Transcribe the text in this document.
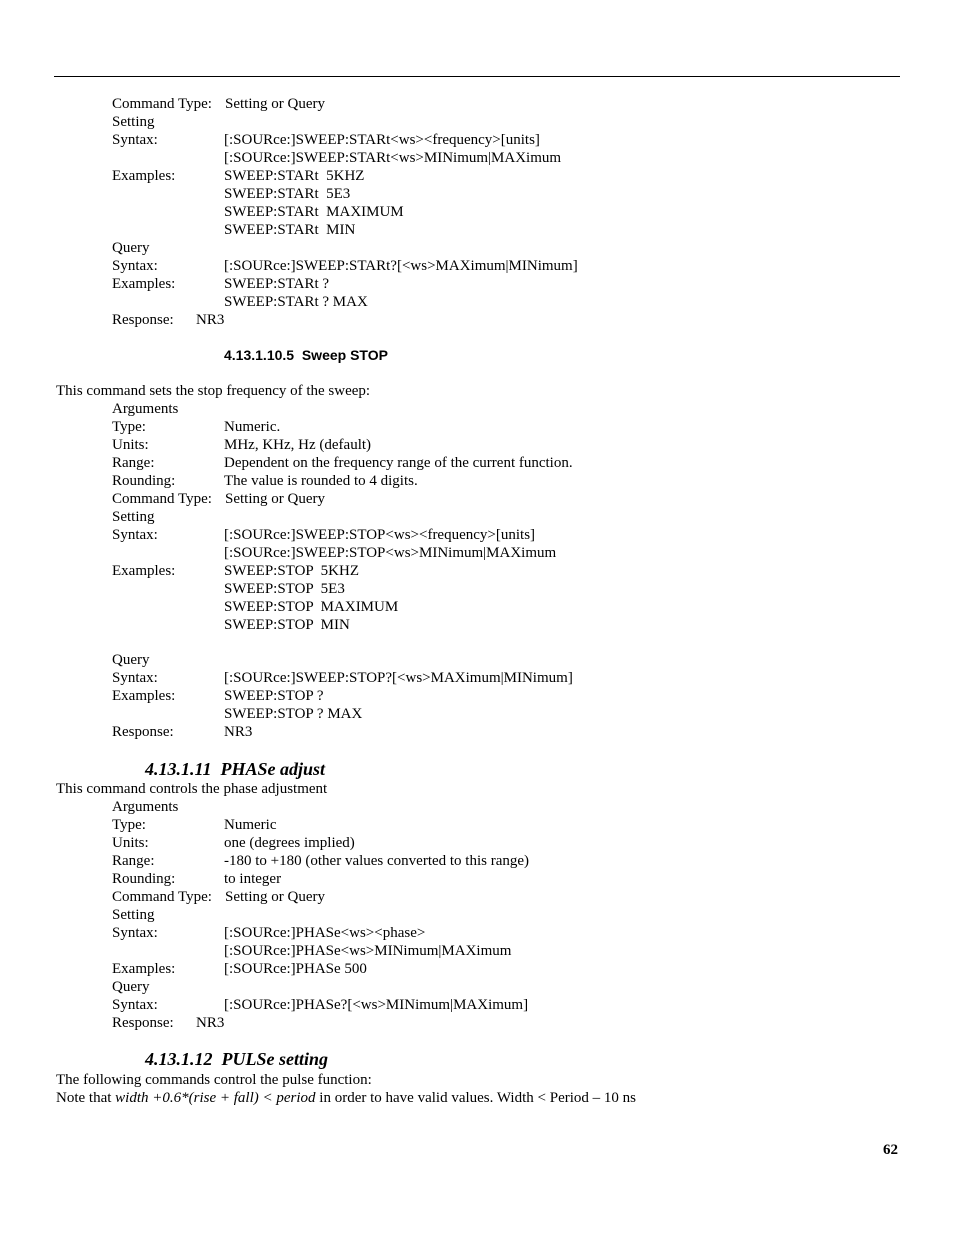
Command Type: Setting or Query
Setting
Syntax:	[:SOURce:]SWEEP:STARt<ws><frequency>[units]
[:SOURce:]SWEEP:STARt<ws>MINimum|MAXimum
Examples:	SWEEP:STARt  5KHZ
SWEEP:STARt  5E3
SWEEP:STARt  MAXIMUM
SWEEP:STARt  MIN
Query
Syntax:	[:SOURce:]SWEEP:STARt?[<ws>MAXimum|MINimum]
Examples:	SWEEP:STARt ?
SWEEP:STARt ? MAX
Response: NR3
4.13.1.10.5  Sweep STOP
This command sets the stop frequency of the sweep:
Arguments
Type:	Numeric.
Units:	MHz, KHz, Hz (default)
Range:	Dependent on the frequency range of the current function.
Rounding:	The value is rounded to 4 digits.
Command Type: Setting or Query
Setting
Syntax:	[:SOURce:]SWEEP:STOP<ws><frequency>[units]
[:SOURce:]SWEEP:STOP<ws>MINimum|MAXimum
Examples:	SWEEP:STOP  5KHZ
SWEEP:STOP  5E3
SWEEP:STOP  MAXIMUM
SWEEP:STOP  MIN
Query
Syntax:	[:SOURce:]SWEEP:STOP?[<ws>MAXimum|MINimum]
Examples:	SWEEP:STOP ?
SWEEP:STOP ? MAX
Response:	NR3
4.13.1.11  PHASe adjust
This command controls the phase adjustment
Arguments
Type:	Numeric
Units:	one (degrees implied)
Range:	-180 to +180 (other values converted to this range)
Rounding:	to integer
Command Type: Setting or Query
Setting
Syntax:	[:SOURce:]PHASe<ws><phase>
[:SOURce:]PHASe<ws>MINimum|MAXimum
Examples:	[:SOURce:]PHASe 500
Query
Syntax:	[:SOURce:]PHASe?[<ws>MINimum|MAXimum]
Response: NR3
4.13.1.12  PULSe setting
The following commands control the pulse function:
Note that width +0.6*(rise + fall) < period in order to have valid values. Width < Period – 10 ns
62
